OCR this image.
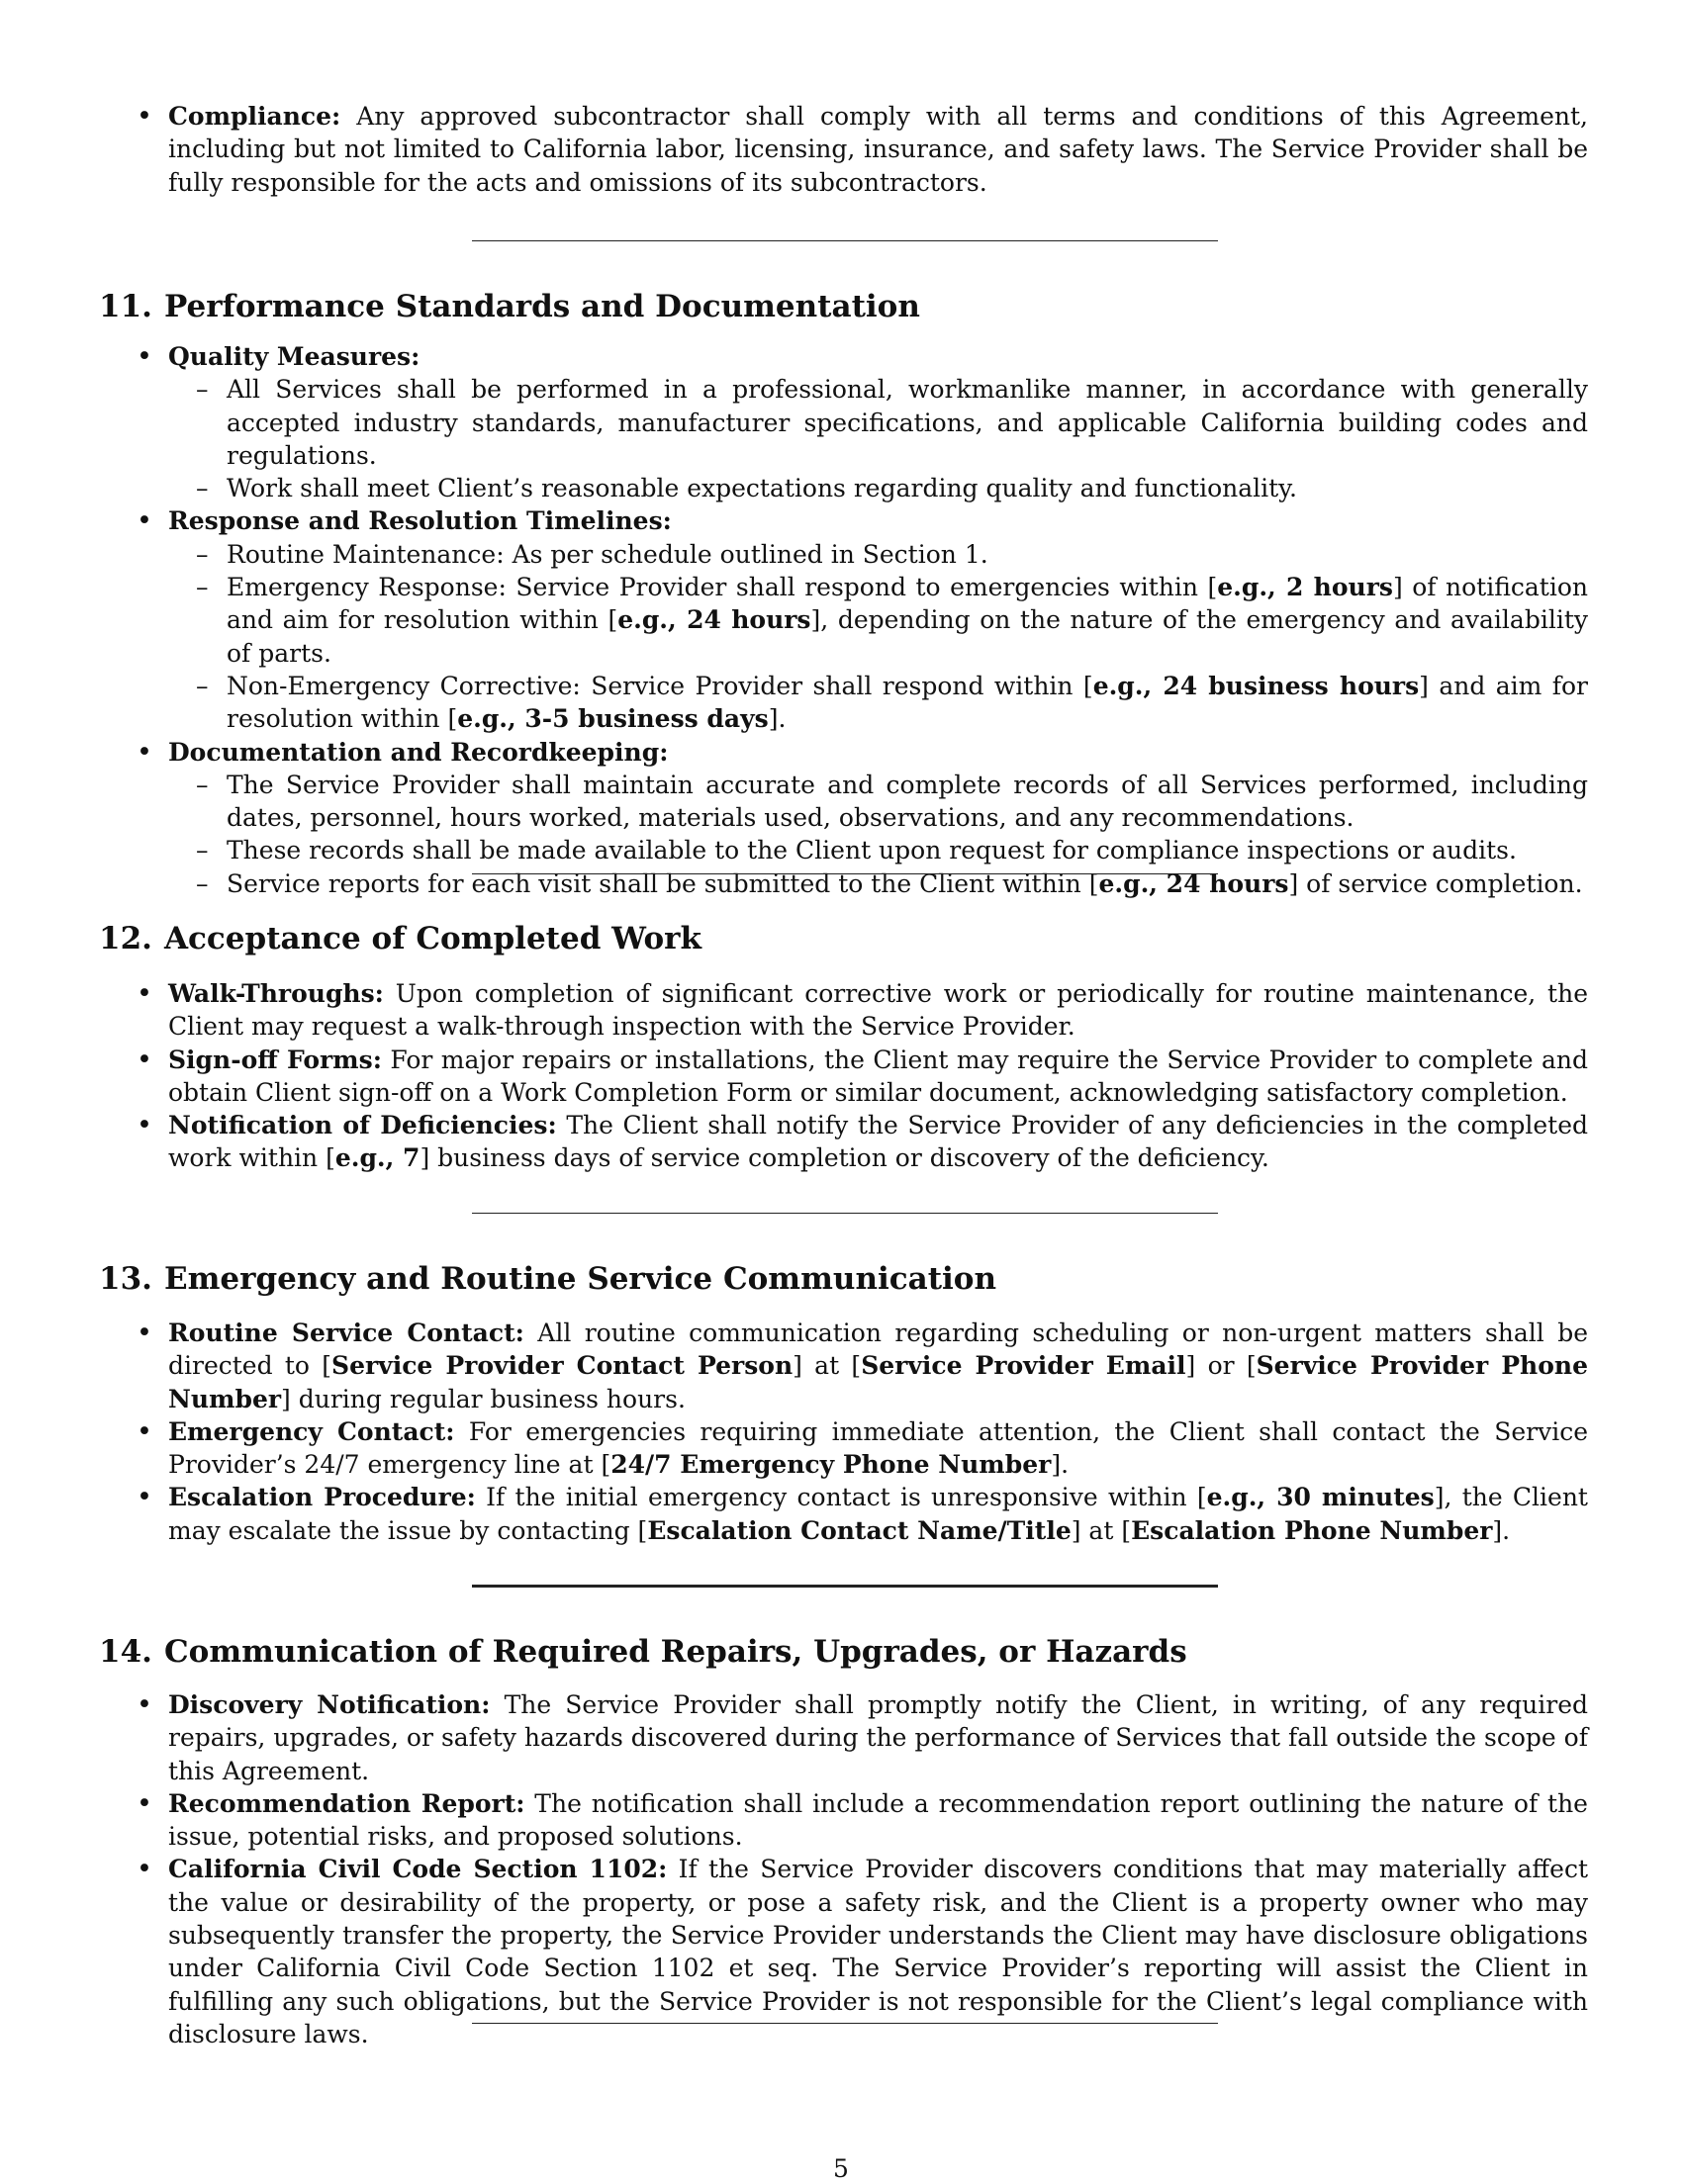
• Compliance: Any approved subcontractor shall comply with all terms and conditions of this Agreement, including but not limited to California labor, licensing, insurance, and safety laws. The Service Provider shall be fully responsible for the acts and omissions of its subcontractors.
11. Performance Standards and Documentation
• Quality Measures:
– All Services shall be performed in a professional, workmanlike manner, in accordance with generally accepted industry standards, manufacturer specifications, and applicable California building codes and regulations.
– Work shall meet Client’s reasonable expectations regarding quality and functionality.
• Response and Resolution Timelines:
– Routine Maintenance: As per schedule outlined in Section 1.
– Emergency Response: Service Provider shall respond to emergencies within [e.g., 2 hours] of notification and aim for resolution within [e.g., 24 hours], depending on the nature of the emergency and availability of parts.
– Non-Emergency Corrective: Service Provider shall respond within [e.g., 24 business hours] and aim for resolution within [e.g., 3-5 business days].
• Documentation and Recordkeeping:
– The Service Provider shall maintain accurate and complete records of all Services performed, including dates, personnel, hours worked, materials used, observations, and any recommendations.
– These records shall be made available to the Client upon request for compliance inspections or audits.
– Service reports for each visit shall be submitted to the Client within [e.g., 24 hours] of service completion.
12. Acceptance of Completed Work
• Walk-Throughs: Upon completion of significant corrective work or periodically for routine maintenance, the Client may request a walk-through inspection with the Service Provider.
• Sign-off Forms: For major repairs or installations, the Client may require the Service Provider to complete and obtain Client sign-off on a Work Completion Form or similar document, acknowledging satisfactory completion.
• Notification of Deficiencies: The Client shall notify the Service Provider of any deficiencies in the completed work within [e.g., 7] business days of service completion or discovery of the deficiency.
13. Emergency and Routine Service Communication
• Routine Service Contact: All routine communication regarding scheduling or non-urgent matters shall be directed to [Service Provider Contact Person] at [Service Provider Email] or [Service Provider Phone Number] during regular business hours.
• Emergency Contact: For emergencies requiring immediate attention, the Client shall contact the Service Provider’s 24/7 emergency line at [24/7 Emergency Phone Number].
• Escalation Procedure: If the initial emergency contact is unresponsive within [e.g., 30 minutes], the Client may escalate the issue by contacting [Escalation Contact Name/Title] at [Escalation Phone Number].
14. Communication of Required Repairs, Upgrades, or Hazards
• Discovery Notification: The Service Provider shall promptly notify the Client, in writing, of any required repairs, upgrades, or safety hazards discovered during the performance of Services that fall outside the scope of this Agreement.
• Recommendation Report: The notification shall include a recommendation report outlining the nature of the issue, potential risks, and proposed solutions.
• California Civil Code Section 1102: If the Service Provider discovers conditions that may materially affect the value or desirability of the property, or pose a safety risk, and the Client is a property owner who may subsequently transfer the property, the Service Provider understands the Client may have disclosure obligations under California Civil Code Section 1102 et seq. The Service Provider’s reporting will assist the Client in fulfilling any such obligations, but the Service Provider is not responsible for the Client’s legal compliance with disclosure laws.
5
